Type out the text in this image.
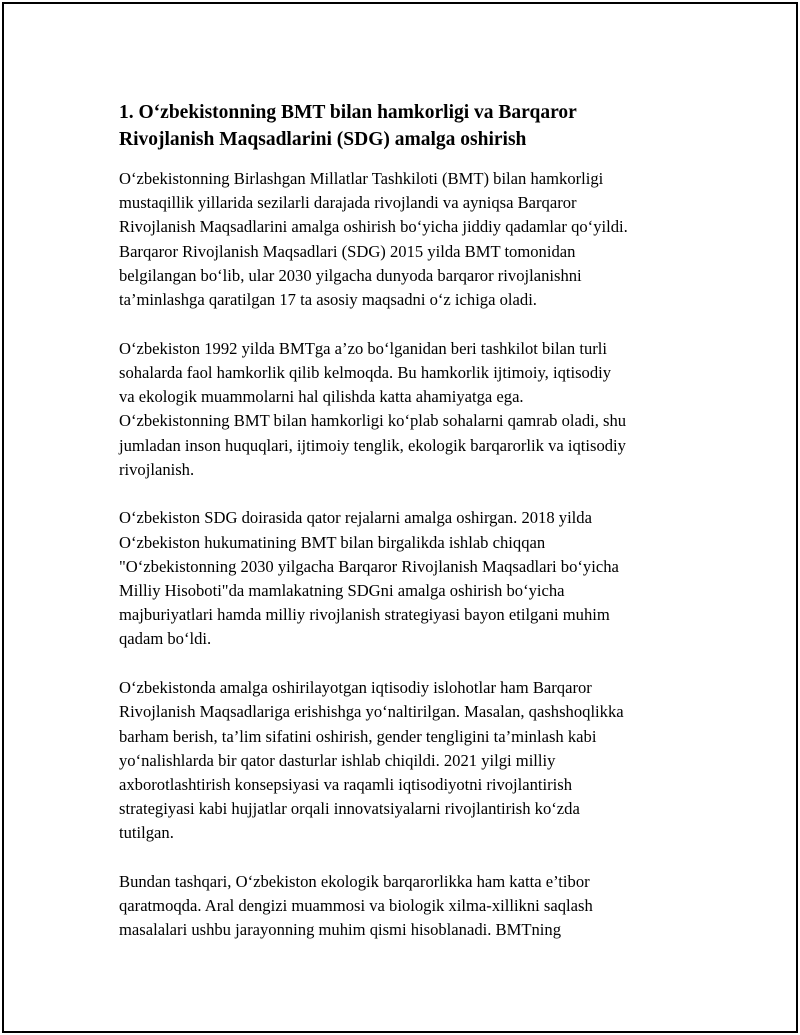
1. O‘zbekistonning BMT bilan hamkorligi va Barqaror
Rivojlanish Maqsadlarini (SDG) amalga oshirish

O‘zbekistonning Birlashgan Millatlar Tashkiloti (BMT) bilan hamkorligi
mustaqillik yillarida sezilarli darajada rivojlandi va ayniqsa Barqaror
Rivojlanish Maqsadlarini amalga oshirish bo‘yicha jiddiy qadamlar qo‘yildi.
Barqaror Rivojlanish Maqsadlari (SDG) 2015 yilda BMT tomonidan
belgilangan bo‘lib, ular 2030 yilgacha dunyoda barqaror rivojlanishni
ta’minlashga qaratilgan 17 ta asosiy maqsadni o‘z ichiga oladi.

O‘zbekiston 1992 yilda BMTga a’zo bo‘lganidan beri tashkilot bilan turli
sohalarda faol hamkorlik qilib kelmoqda. Bu hamkorlik ijtimoiy, iqtisodiy
va ekologik muammolarni hal qilishda katta ahamiyatga ega.
O‘zbekistonning BMT bilan hamkorligi ko‘plab sohalarni qamrab oladi, shu
jumladan inson huquqlari, ijtimoiy tenglik, ekologik barqarorlik va iqtisodiy
rivojlanish.

O‘zbekiston SDG doirasida qator rejalarni amalga oshirgan. 2018 yilda
O‘zbekiston hukumatining BMT bilan birgalikda ishlab chiqqan
"O‘zbekistonning 2030 yilgacha Barqaror Rivojlanish Maqsadlari bo‘yicha
Milliy Hisoboti"da mamlakatning SDGni amalga oshirish bo‘yicha
majburiyatlari hamda milliy rivojlanish strategiyasi bayon etilgani muhim
qadam bo‘ldi.

O‘zbekistonda amalga oshirilayotgan iqtisodiy islohotlar ham Barqaror
Rivojlanish Maqsadlariga erishishga yo‘naltirilgan. Masalan, qashshoqlikka
barham berish, ta’lim sifatini oshirish, gender tengligini ta’minlash kabi
yo‘nalishlarda bir qator dasturlar ishlab chiqildi. 2021 yilgi milliy
axborotlashtirish konsepsiyasi va raqamli iqtisodiyotni rivojlantirish
strategiyasi kabi hujjatlar orqali innovatsiyalarni rivojlantirish ko‘zda
tutilgan.

Bundan tashqari, O‘zbekiston ekologik barqarorlikka ham katta e’tibor
qaratmoqda. Aral dengizi muammosi va biologik xilma-xillikni saqlash
masalalari ushbu jarayonning muhim qismi hisoblanadi. BMTning
